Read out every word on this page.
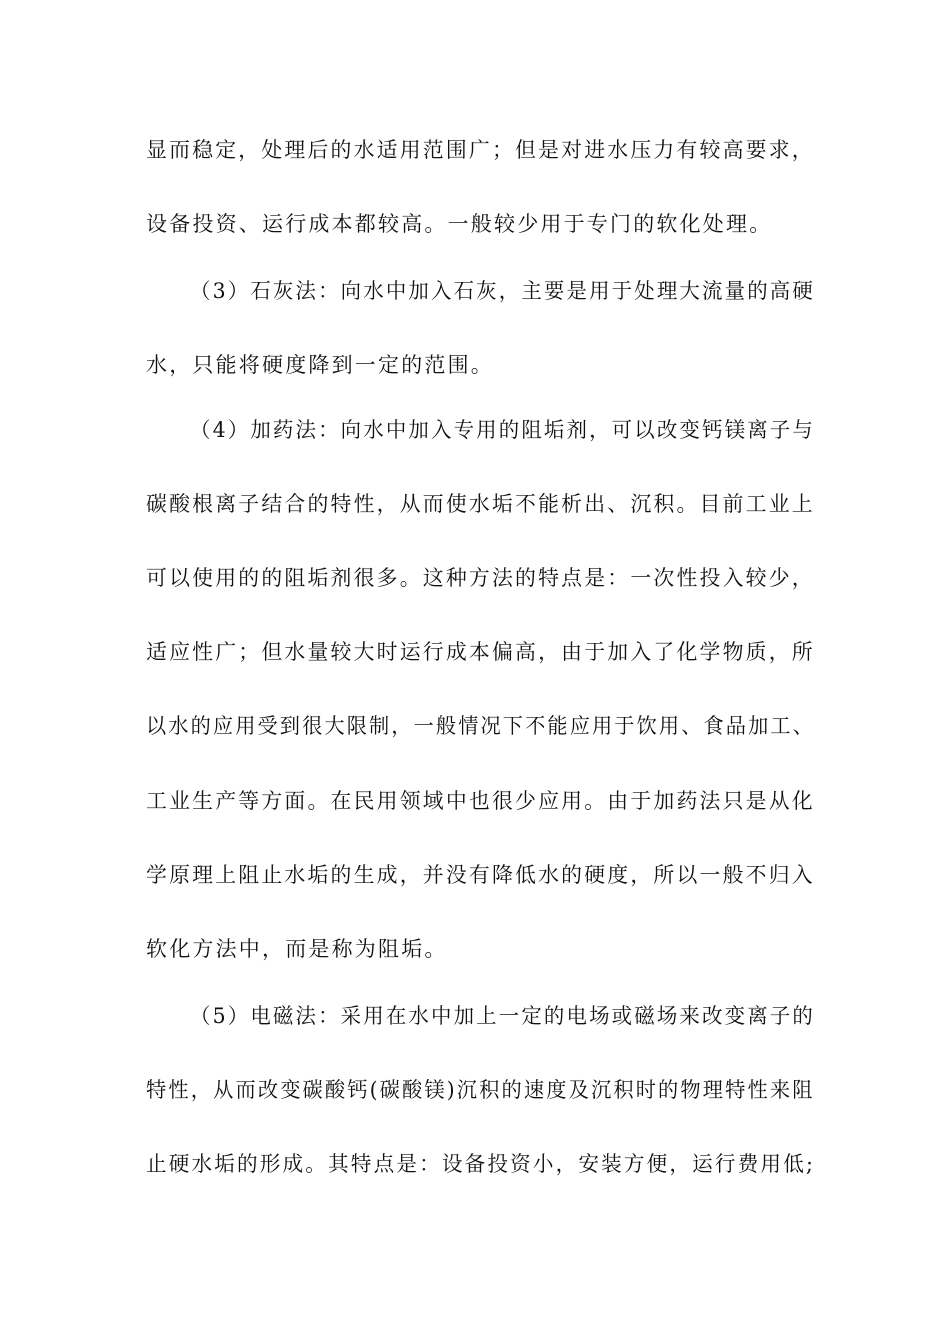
显而稳定，处理后的水适用范围广；但是对进水压力有较高要求，
设备投资、运行成本都较高。一般较少用于专门的软化处理。
（3）石灰法：向水中加入石灰，主要是用于处理大流量的高硬
水，只能将硬度降到一定的范围。
（4）加药法：向水中加入专用的阻垢剂，可以改变钙镁离子与
碳酸根离子结合的特性，从而使水垢不能析出、沉积。目前工业上
可以使用的的阻垢剂很多。这种方法的特点是：一次性投入较少，
适应性广；但水量较大时运行成本偏高，由于加入了化学物质，所
以水的应用受到很大限制，一般情况下不能应用于饮用、食品加工、
工业生产等方面。在民用领域中也很少应用。由于加药法只是从化
学原理上阻止水垢的生成，并没有降低水的硬度，所以一般不归入
软化方法中，而是称为阻垢。
（5）电磁法：采用在水中加上一定的电场或磁场来改变离子的
特性，从而改变碳酸钙(碳酸镁)沉积的速度及沉积时的物理特性来阻
止硬水垢的形成。其特点是：设备投资小，安装方便，运行费用低;
